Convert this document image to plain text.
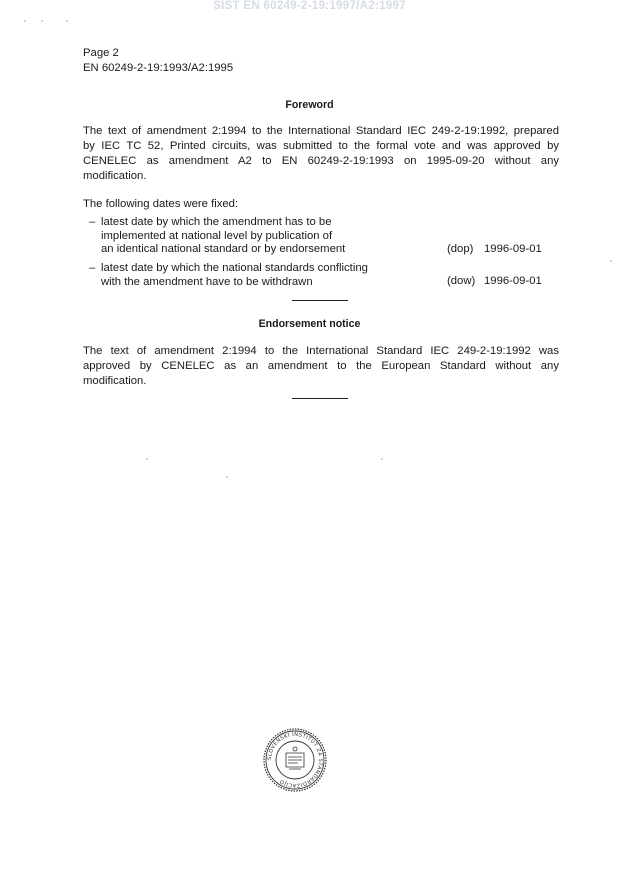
SIST EN 60249-2-19:1997/A2:1997
Page 2
EN 60249-2-19:1993/A2:1995
Foreword
The text of amendment 2:1994 to the International Standard IEC 249-2-19:1992, prepared
by IEC TC 52, Printed circuits, was submitted to the formal vote and was approved by
CENELEC as amendment A2 to EN 60249-2-19:1993 on 1995-09-20 without any
modification.
The following dates were fixed:
– latest date by which the amendment has to be
implemented at national level by publication of
an identical national standard or by endorsement	(dop) 1996-09-01
– latest date by which the national standards conflicting
with the amendment have to be withdrawn	(dow) 1996-09-01
Endorsement notice
The text of amendment 2:1994 to the International Standard IEC 249-2-19:1992 was
approved by CENELEC as an amendment to the European Standard without any
modification.
SLOVENSKI INSTITUT ZA STANDARDIZACIJO
